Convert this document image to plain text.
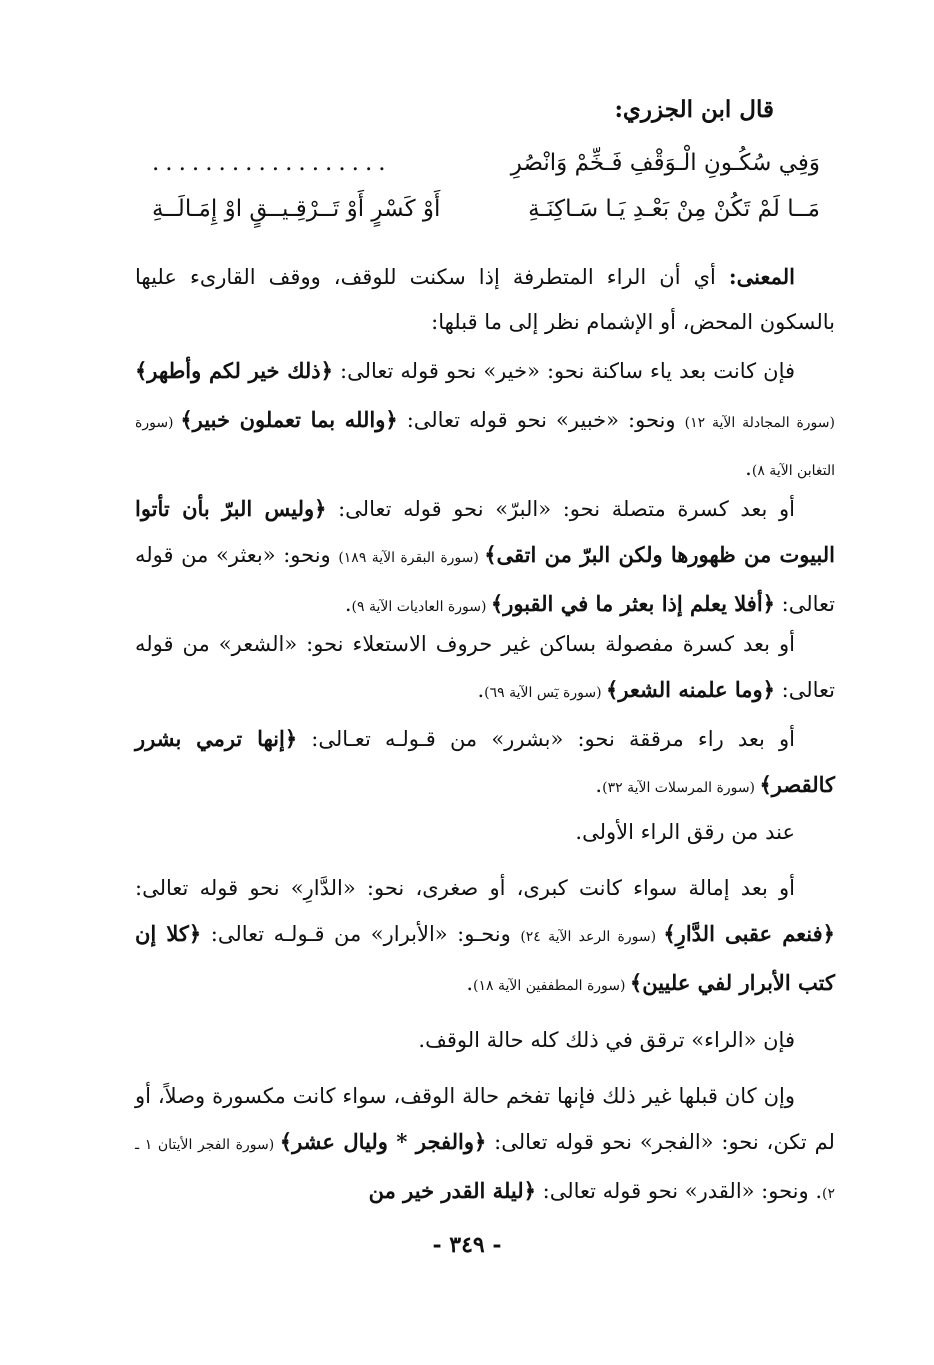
قال ابن الجزري:
وَفِي سُكُـونِ الْـوَقْفِ فَـخِّمْ وَانْصُرِ
..................
مَــا لَمْ تَكُنْ مِنْ بَعْـدِ يَـا سَـاكِنَـةِ
أَوْ كَسْرٍ أَوْ تَــرْقِـيــقٍ اوْ إِمَـالَــةِ
المعنى: أي أن الراء المتطرفة إذا سكنت للوقف، ووقف القارىء عليها بالسكون المحض، أو الإشمام نظر إلى ما قبلها:
فإن كانت بعد ياء ساكنة نحو: «خير» نحو قوله تعالى: ﴿ذلك خير لكم وأطهر﴾ (سورة المجادلة الآية ١٢) ونحو: «خبير» نحو قوله تعالى: ﴿والله بما تعملون خبير﴾ (سورة التغابن الآية ٨).
أو بعد كسرة متصلة نحو: «البرّ» نحو قوله تعالى: ﴿وليس البرّ بأن تأتوا البيوت من ظهورها ولكن البرّ من اتقى﴾ (سورة البقرة الآية ١٨٩) ونحو: «بعثر» من قوله تعالى: ﴿أفلا يعلم إذا بعثر ما في القبور﴾ (سورة العاديات الآية ٩).
أو بعد كسرة مفصولة بساكن غير حروف الاستعلاء نحو: «الشعر» من قوله تعالى: ﴿وما علمنه الشعر﴾ (سورة يٓس الآية ٦٩).
أو بعد راء مرققة نحو: «بشرر» من قـولـه تعـالى: ﴿إنها ترمي بشرر كالقصر﴾ (سورة المرسلات الآية ٣٢).
عند من رقق الراء الأولى.
أو بعد إمالة سواء كانت كبرى، أو صغرى، نحو: «الدَّارِ» نحو قوله تعالى: ﴿فنعم عقبى الدَّارِ﴾ (سورة الرعد الآية ٢٤) ونحـو: «الأبرار» من قـولـه تعالى: ﴿كلا إن كتب الأبرار لفي عليين﴾ (سورة المطففين الآية ١٨).
فإن «الراء» ترقق في ذلك كله حالة الوقف.
وإن كان قبلها غير ذلك فإنها تفخم حالة الوقف، سواء كانت مكسورة وصلاً، أو لم تكن، نحو: «الفجر» نحو قوله تعالى: ﴿والفجر * وليال عشر﴾ (سورة الفجر الأيتان ١ ـ ٢). ونحو: «القدر» نحو قوله تعالى: ﴿ليلة القدر خير من
- ٣٤٩ -
